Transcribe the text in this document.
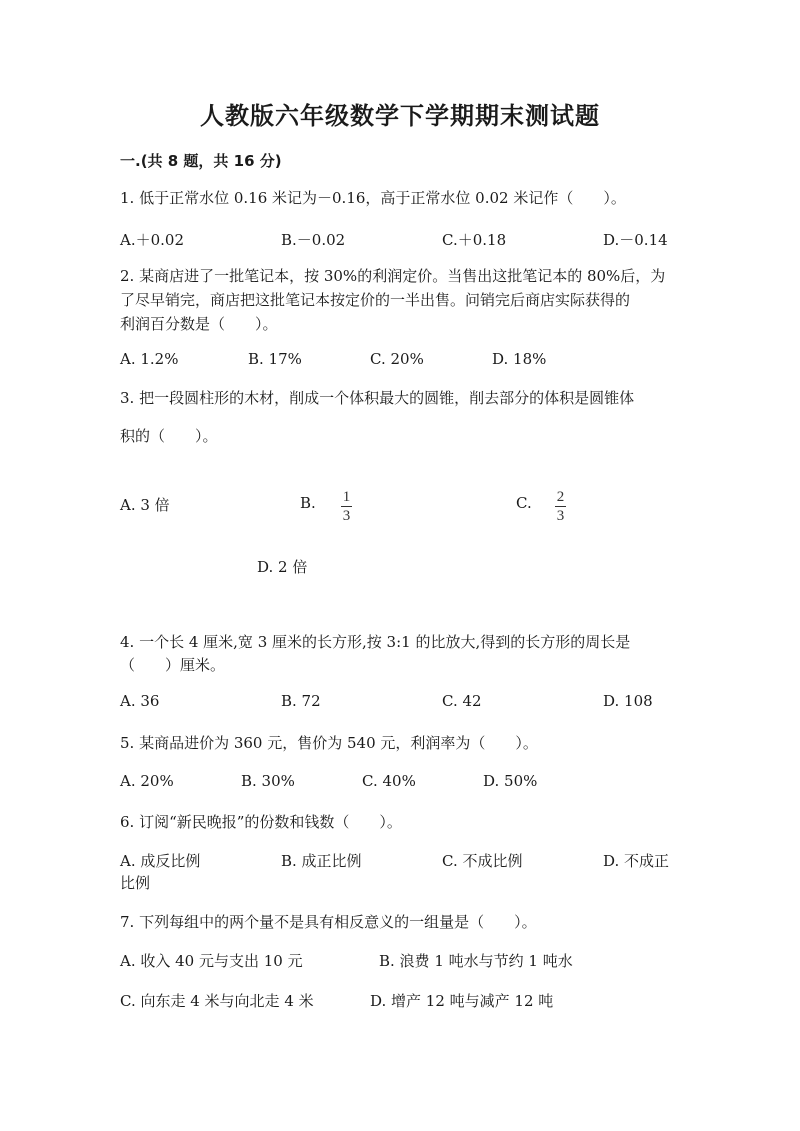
人教版六年级数学下学期期末测试题
一.(共 8 题，共 16 分)
1. 低于正常水位 0.16 米记为－0.16，高于正常水位 0.02 米记作（　　）。
A.＋0.02	B.－0.02	C.＋0.18	D.－0.14
2. 某商店进了一批笔记本，按 30%的利润定价。当售出这批笔记本的 80%后，为
了尽早销完，商店把这批笔记本按定价的一半出售。问销完后商店实际获得的
利润百分数是（　　）。
A. 1.2%	B. 17%	C. 20%	D. 18%
3. 把一段圆柱形的木材，削成一个体积最大的圆锥，削去部分的体积是圆锥体
积的（　　）。
A. 3 倍	B. 1
3
C. 2
3
D. 2 倍
4. 一个长 4 厘米,宽 3 厘米的长方形,按 3:1 的比放大,得到的长方形的周长是
（　　）厘米。
A. 36	B. 72	C. 42	D. 108
5. 某商品进价为 360 元，售价为 540 元，利润率为（　　）。
A. 20%	B. 30%	C. 40%	D. 50%
6. 订阅“新民晚报”的份数和钱数（　　）。
A. 成反比例	B. 成正比例	C. 不成比例	D. 不成正
比例
7. 下列每组中的两个量不是具有相反意义的一组量是（　　）。
A. 收入 40 元与支出 10 元	B. 浪费 1 吨水与节约 1 吨水
C. 向东走 4 米与向北走 4 米	D. 增产 12 吨与减产 12 吨
